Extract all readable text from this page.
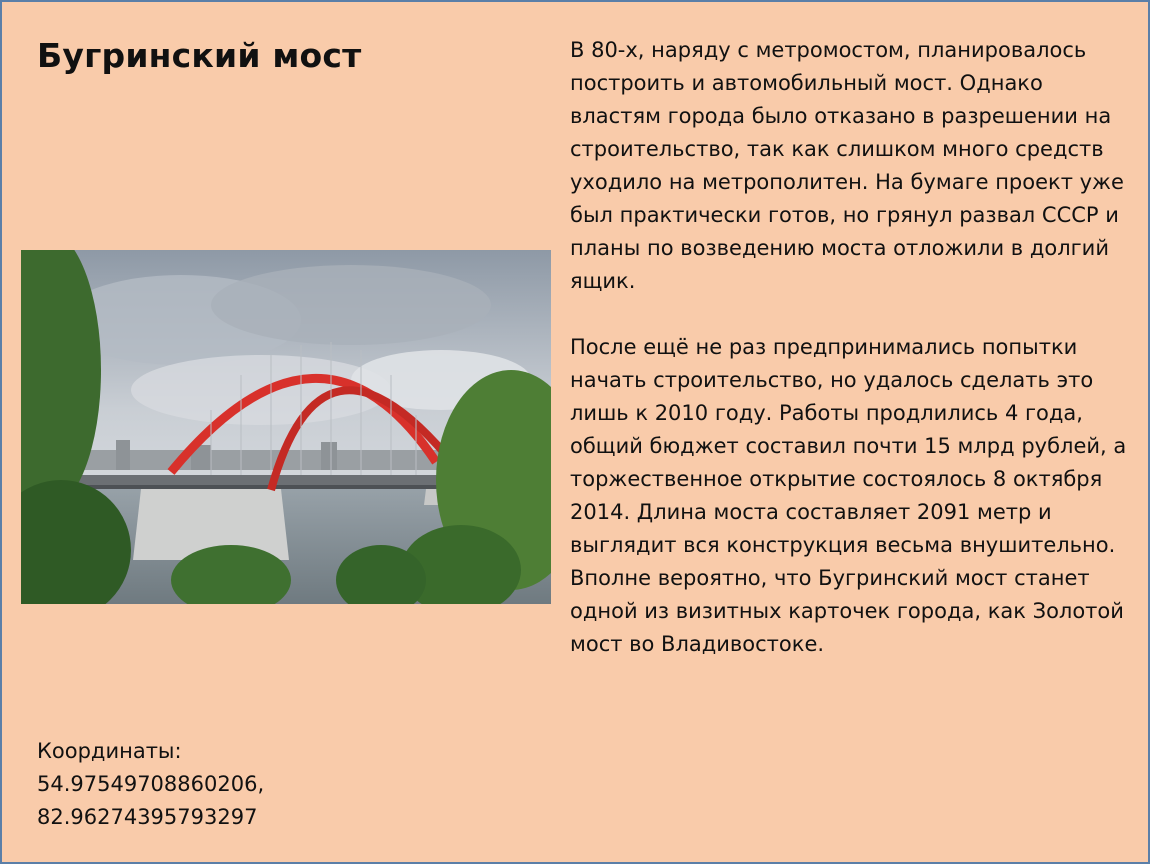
Бугринский мост	В 80-х, наряду с метромостом, планировалось построить и автомобильный мост. Однако властям города было отказано в разрешении на строительство, так как слишком много средств уходило на метрополитен. На бумаге проект уже был практически готов, но грянул развал СССР и планы по возведению моста отложили в долгий ящик.

После ещё не раз предпринимались попытки начать строительство, но удалось сделать это лишь к 2010 году. Работы продлились 4 года, общий бюджет составил почти 15 млрд рублей, а торжественное открытие состоялось 8 октября 2014. Длина моста составляет 2091 метр и выглядит вся конструкция весьма внушительно. Вполне вероятно, что Бугринский мост станет одной из визитных карточек города, как Золотой мост во Владивостоке.

Координаты:
54.97549708860206,
82.96274395793297
